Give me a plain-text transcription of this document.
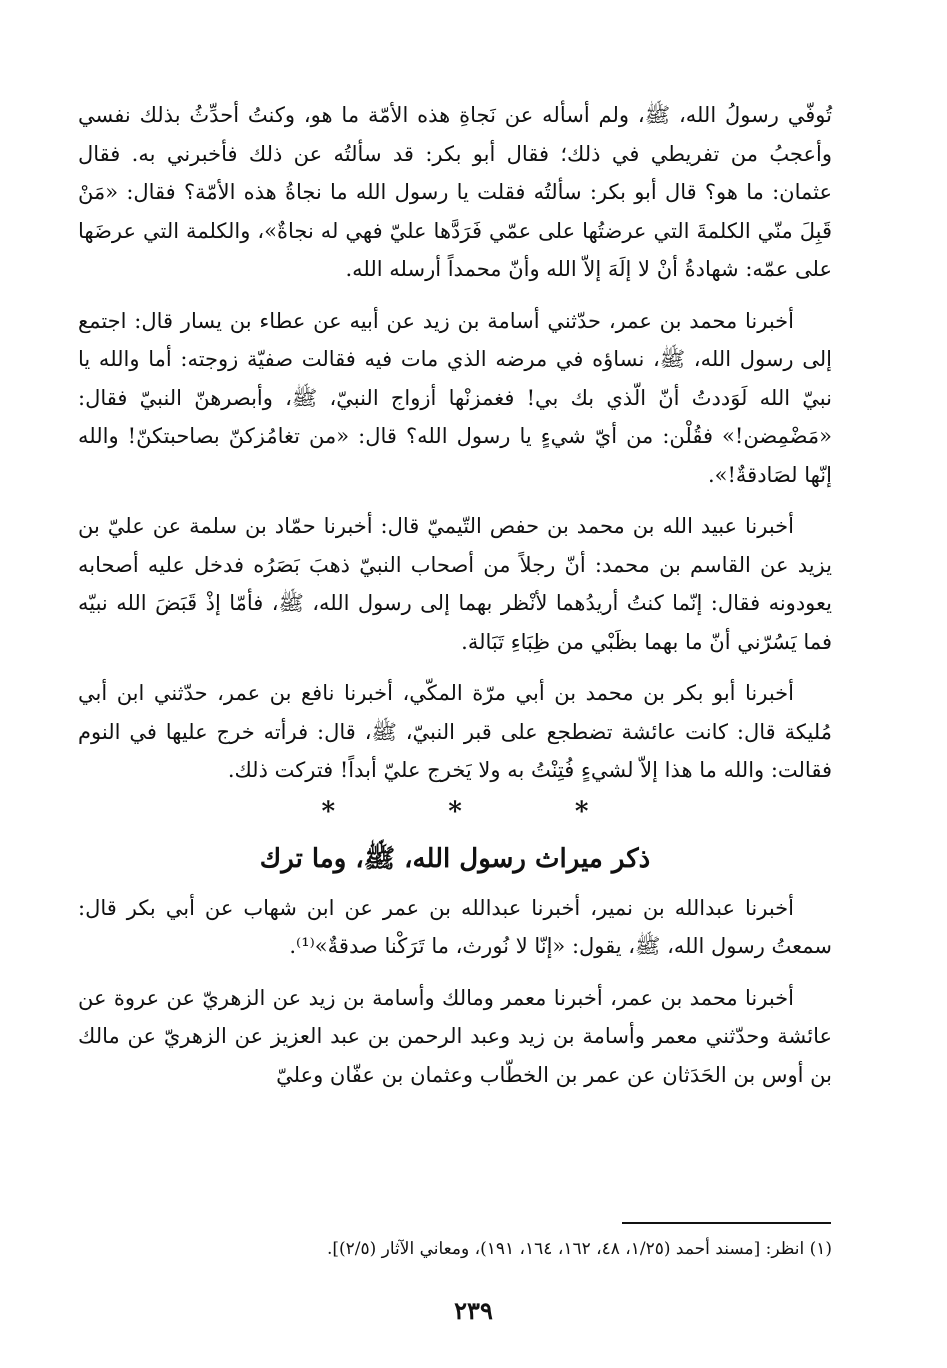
تُوفّي رسولُ الله، ﷺ، ولم أسأله عن نَجاةِ هذه الأمّة ما هو، وكنتُ أحدِّثُ بذلك نفسي وأعجبُ من تفريطي في ذلك؛ فقال أبو بكر: قد سألتُه عن ذلك فأخبرني به. فقال عثمان: ما هو؟ قال أبو بكر: سألتُه فقلت يا رسول الله ما نجاةُ هذه الأمّة؟ فقال: «مَنْ قَبِلَ منّي الكلمةَ التي عرضتُها على عمّي فَرَدَّها عليّ فهي له نجاةٌ»، والكلمة التي عرضَها على عمّه: شهادةُ أنْ لا إلَهَ إلاّ الله وأنّ محمداً أرسله الله.

أخبرنا محمد بن عمر، حدّثني أسامة بن زيد عن أبيه عن عطاء بن يسار قال: اجتمع إلى رسول الله، ﷺ، نساؤه في مرضه الذي مات فيه فقالت صفيّة زوجته: أما والله يا نبيّ الله لَوَددتُ أنّ الّذي بك بي! فغمزنْها أزواج النبيّ، ﷺ، وأبصرهنّ النبيّ فقال: «مَضْمِضن!» فقُلْن: من أيّ شيءٍ يا رسول الله؟ قال: «من تغامُزكنّ بصاحبتكنّ! والله إنّها لصَادقةٌ!».

أخبرنا عبيد الله بن محمد بن حفص التّيميّ قال: أخبرنا حمّاد بن سلمة عن عليّ بن يزيد عن القاسم بن محمد: أنّ رجلاً من أصحاب النبيّ ذهبَ بَصَرُه فدخل عليه أصحابه يعودونه فقال: إنّما كنتُ أريدُهما لأنْظر بهما إلى رسول الله، ﷺ، فأمّا إذْ قَبَضَ الله نبيّه فما يَسُرّني أنّ ما بهما بظَبْي من ظِبَاءِ تَبَالة.

أخبرنا أبو بكر بن محمد بن أبي مرّة المكّي، أخبرنا نافع بن عمر، حدّثني ابن أبي مُليكة قال: كانت عائشة تضطجع على قبر النبيّ، ﷺ، قال: فرأته خرج عليها في النوم فقالت: والله ما هذا إلاّ لشيءٍ فُتِنْتُ به ولا يَخرج عليّ أبداً! فتركت ذلك.

* * *
ذكر ميراث رسول الله، ﷺ، وما ترك

أخبرنا عبدالله بن نمير، أخبرنا عبدالله بن عمر عن ابن شهاب عن أبي بكر قال: سمعتُ رسول الله، ﷺ، يقول: «إنّا لا نُورث، ما تَرَكْنا صدقةٌ»⁽¹⁾.

أخبرنا محمد بن عمر، أخبرنا معمر ومالك وأسامة بن زيد عن الزهريّ عن عروة عن عائشة وحدّثني معمر وأسامة بن زيد وعبد الرحمن بن عبد العزيز عن الزهريّ عن مالك بن أوس بن الحَدَثان عن عمر بن الخطّاب وعثمان بن عفّان وعليّ

(١) انظر: [مسند أحمد (١/٢٥، ٤٨، ١٦٢، ١٦٤، ١٩١)، ومعاني الآثار (٢/٥)].
٢٣٩
